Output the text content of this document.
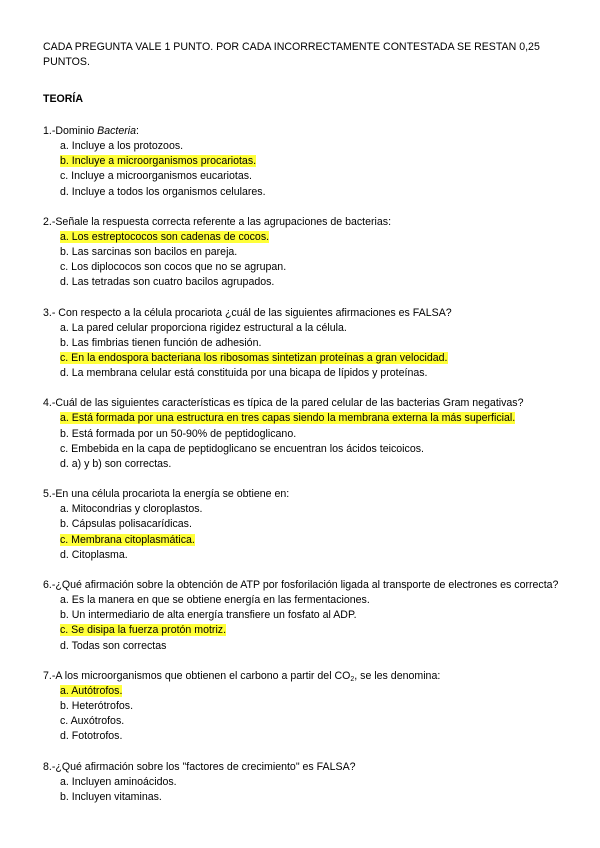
CADA PREGUNTA VALE 1 PUNTO. POR CADA INCORRECTAMENTE CONTESTADA SE RESTAN 0,25 PUNTOS.
TEORÍA
1.-Dominio Bacteria:
a. Incluye a los protozoos.
b. Incluye a microorganismos procariotas.
c. Incluye a microorganismos eucariotas.
d. Incluye a todos los organismos celulares.
2.-Señale la respuesta correcta referente a las agrupaciones de bacterias:
a. Los estreptococos son cadenas de cocos.
b. Las sarcinas son bacilos en pareja.
c. Los diplococos son cocos que no se agrupan.
d. Las tetradas son cuatro bacilos agrupados.
3.- Con respecto a la célula procariota ¿cuál de las siguientes afirmaciones es FALSA?
a. La pared celular proporciona rigidez estructural a la célula.
b. Las fimbrias tienen función de adhesión.
c. En la endospora bacteriana los ribosomas sintetizan proteínas a gran velocidad.
d. La membrana celular está constituida por una bicapa de lípidos y proteínas.
4.-Cuál de las siguientes características es típica de la pared celular de las bacterias Gram negativas?
a. Está formada por una estructura en tres capas siendo la membrana externa la más superficial.
b. Está formada por un 50-90% de peptidoglicano.
c. Embebida en la capa de peptidoglicano se encuentran los ácidos teicoicos.
d. a) y b) son correctas.
5.-En una célula procariota la energía se obtiene en:
a. Mitocondrias y cloroplastos.
b. Cápsulas polisacarídicas.
c. Membrana citoplasmática.
d. Citoplasma.
6.-¿Qué afirmación sobre la obtención de ATP por fosforilación ligada al transporte de electrones es correcta?
a. Es la manera en que se obtiene energía en las fermentaciones.
b. Un intermediario de alta energía transfiere un fosfato al ADP.
c. Se disipa la fuerza protón motriz.
d. Todas son correctas
7.-A los microorganismos que obtienen el carbono a partir del $CO_2$, se les denomina:
a. Autótrofos.
b. Heterótrofos.
c. Auxótrofos.
d. Fototrofos.
8.-¿Qué afirmación sobre los "factores de crecimiento" es FALSA?
a. Incluyen aminoácidos.
b. Incluyen vitaminas.
